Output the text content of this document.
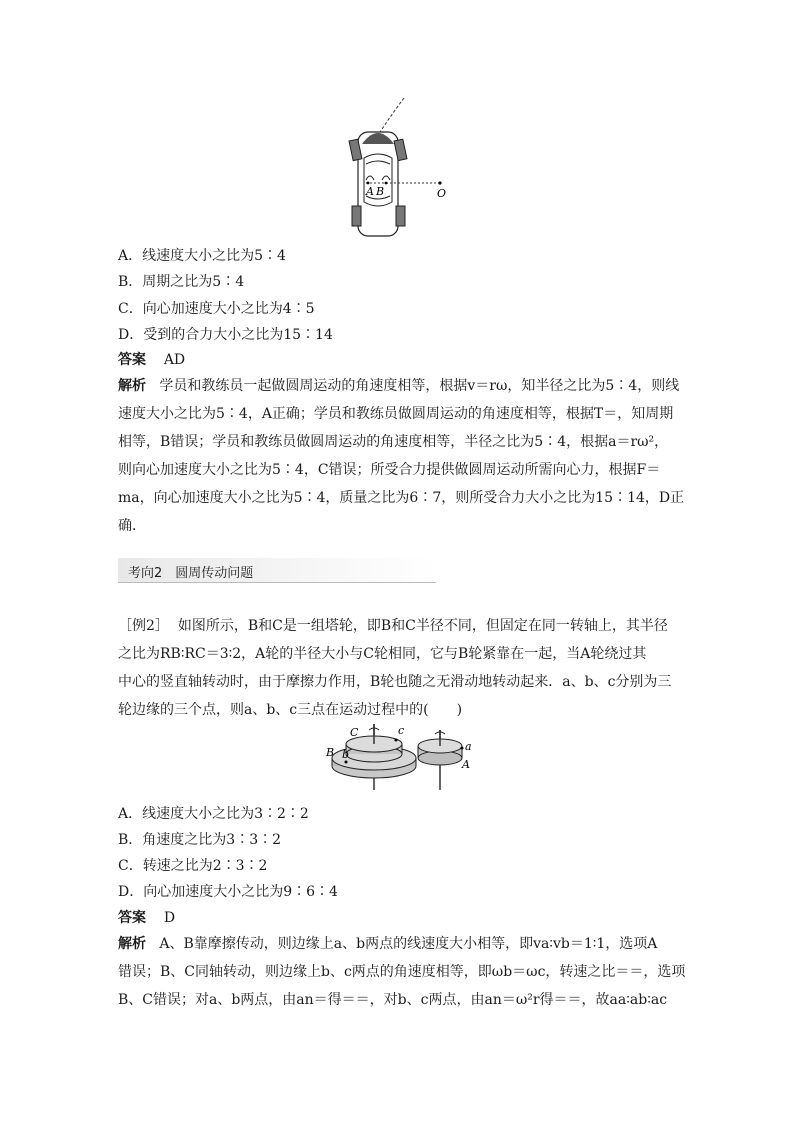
A B	O
A．线速度大小之比为5∶4
B．周期之比为5∶4
C．向心加速度大小之比为4∶5
D．受到的合力大小之比为15∶14
答案 AD
解析 学员和教练员一起做圆周运动的角速度相等，根据v＝rω，知半径之比为5∶4，则线
速度大小之比为5∶4，A正确；学员和教练员做圆周运动的角速度相等，根据T＝，知周期
相等，B错误；学员和教练员做圆周运动的角速度相等，半径之比为5∶4，根据a＝rω²，
则向心加速度大小之比为5∶4，C错误；所受合力提供做圆周运动所需向心力，根据F＝
ma，向心加速度大小之比为5∶4，质量之比为6∶7，则所受合力大小之比为15∶14，D正
确．
考向2　圆周传动问题
［例2］ 如图所示，B和C是一组塔轮，即B和C半径不同，但固定在同一转轴上，其半径
之比为RB∶RC＝3∶2，A轮的半径大小与C轮相同，它与B轮紧靠在一起，当A轮绕过其
中心的竖直轴转动时，由于摩擦力作用，B轮也随之无滑动地转动起来．a、b、c分别为三
轮边缘的三个点，则a、b、c三点在运动过程中的(　　)
C	c
B b
a
A
A．线速度大小之比为3∶2∶2
B．角速度之比为3∶3∶2
C．转速之比为2∶3∶2
D．向心加速度大小之比为9∶6∶4
答案 D
解析 A、B靠摩擦传动，则边缘上a、b两点的线速度大小相等，即va∶vb＝1∶1，选项A
错误；B、C同轴转动，则边缘上b、c两点的角速度相等，即ωb＝ωc，转速之比＝＝，选项
B、C错误；对a、b两点，由an＝得＝＝，对b、c两点，由an＝ω²r得＝＝，故aa∶ab∶ac
